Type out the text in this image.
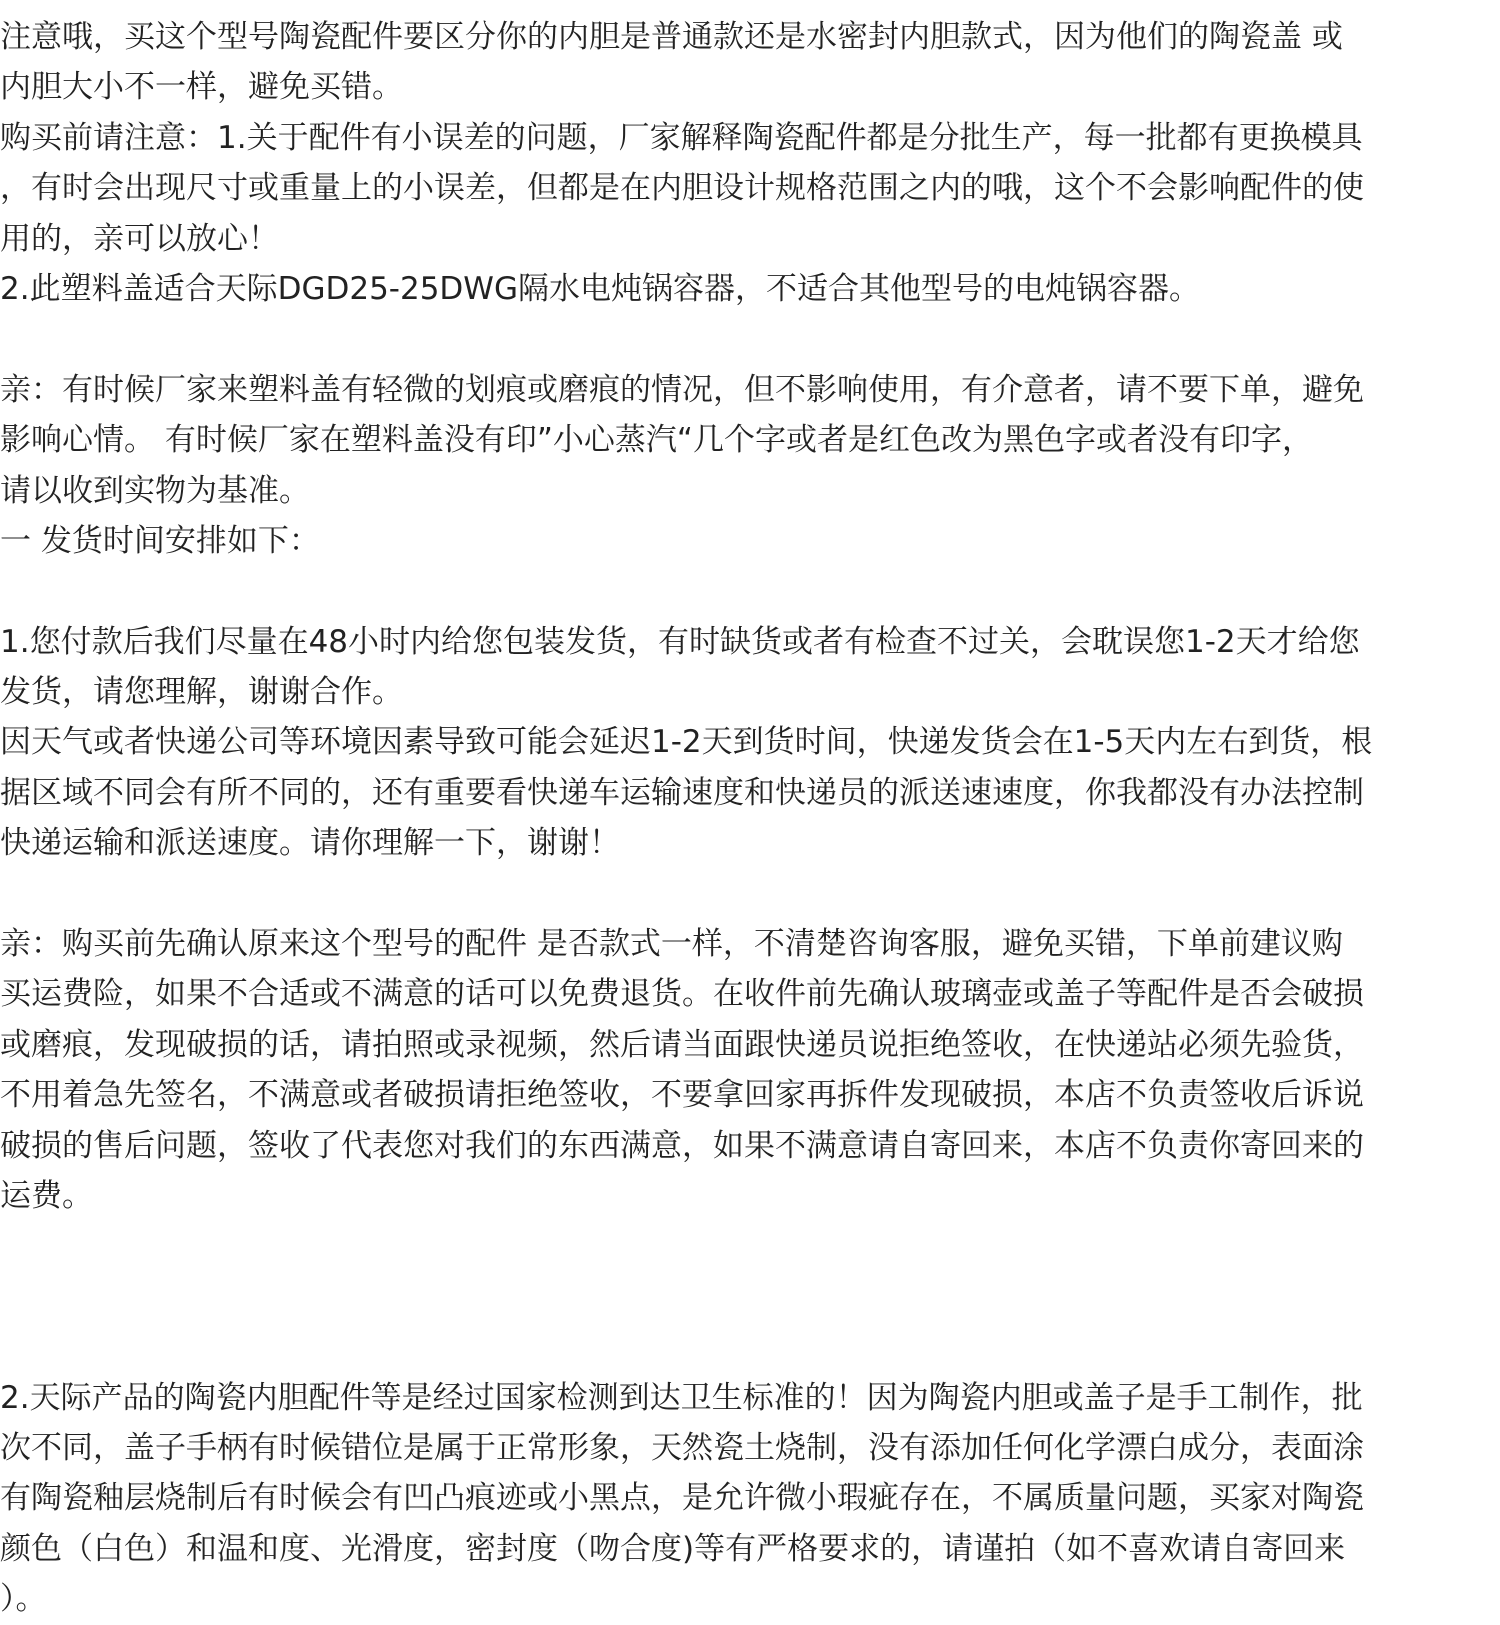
注意哦，买这个型号陶瓷配件要区分你的内胆是普通款还是水密封内胆款式，因为他们的陶瓷盖 或
内胆大小不一样，避免买错。
购买前请注意：1.关于配件有小误差的问题，厂家解释陶瓷配件都是分批生产，每一批都有更换模具
，有时会出现尺寸或重量上的小误差，但都是在内胆设计规格范围之内的哦，这个不会影响配件的使
用的，亲可以放心！
2.此塑料盖适合天际DGD25-25DWG隔水电炖锅容器，不适合其他型号的电炖锅容器。
亲：有时候厂家来塑料盖有轻微的划痕或磨痕的情况，但不影响使用，有介意者，请不要下单，避免
影响心情。 有时候厂家在塑料盖没有印”小心蒸汽“几个字或者是红色改为黑色字或者没有印字，
请以收到实物为基准。
一 发货时间安排如下：
1.您付款后我们尽量在48小时内给您包装发货，有时缺货或者有检查不过关，会耽误您1-2天才给您
发货，请您理解，谢谢合作。
因天气或者快递公司等环境因素导致可能会延迟1-2天到货时间，快递发货会在1-5天内左右到货，根
据区域不同会有所不同的，还有重要看快递车运输速度和快递员的派送速速度，你我都没有办法控制
快递运输和派送速度。请你理解一下，谢谢！
亲：购买前先确认原来这个型号的配件 是否款式一样，不清楚咨询客服，避免买错，下单前建议购
买运费险，如果不合适或不满意的话可以免费退货。在收件前先确认玻璃壶或盖子等配件是否会破损
或磨痕，发现破损的话，请拍照或录视频，然后请当面跟快递员说拒绝签收，在快递站必须先验货，
不用着急先签名，不满意或者破损请拒绝签收，不要拿回家再拆件发现破损，本店不负责签收后诉说
破损的售后问题，签收了代表您对我们的东西满意，如果不满意请自寄回来，本店不负责你寄回来的
运费。
2.天际产品的陶瓷内胆配件等是经过国家检测到达卫生标准的！因为陶瓷内胆或盖子是手工制作，批
次不同，盖子手柄有时候错位是属于正常形象，天然瓷土烧制，没有添加任何化学漂白成分，表面涂
有陶瓷釉层烧制后有时候会有凹凸痕迹或小黑点，是允许微小瑕疵存在，不属质量问题，买家对陶瓷
颜色（白色）和温和度、光滑度，密封度（吻合度)等有严格要求的，请谨拍（如不喜欢请自寄回来
）。
